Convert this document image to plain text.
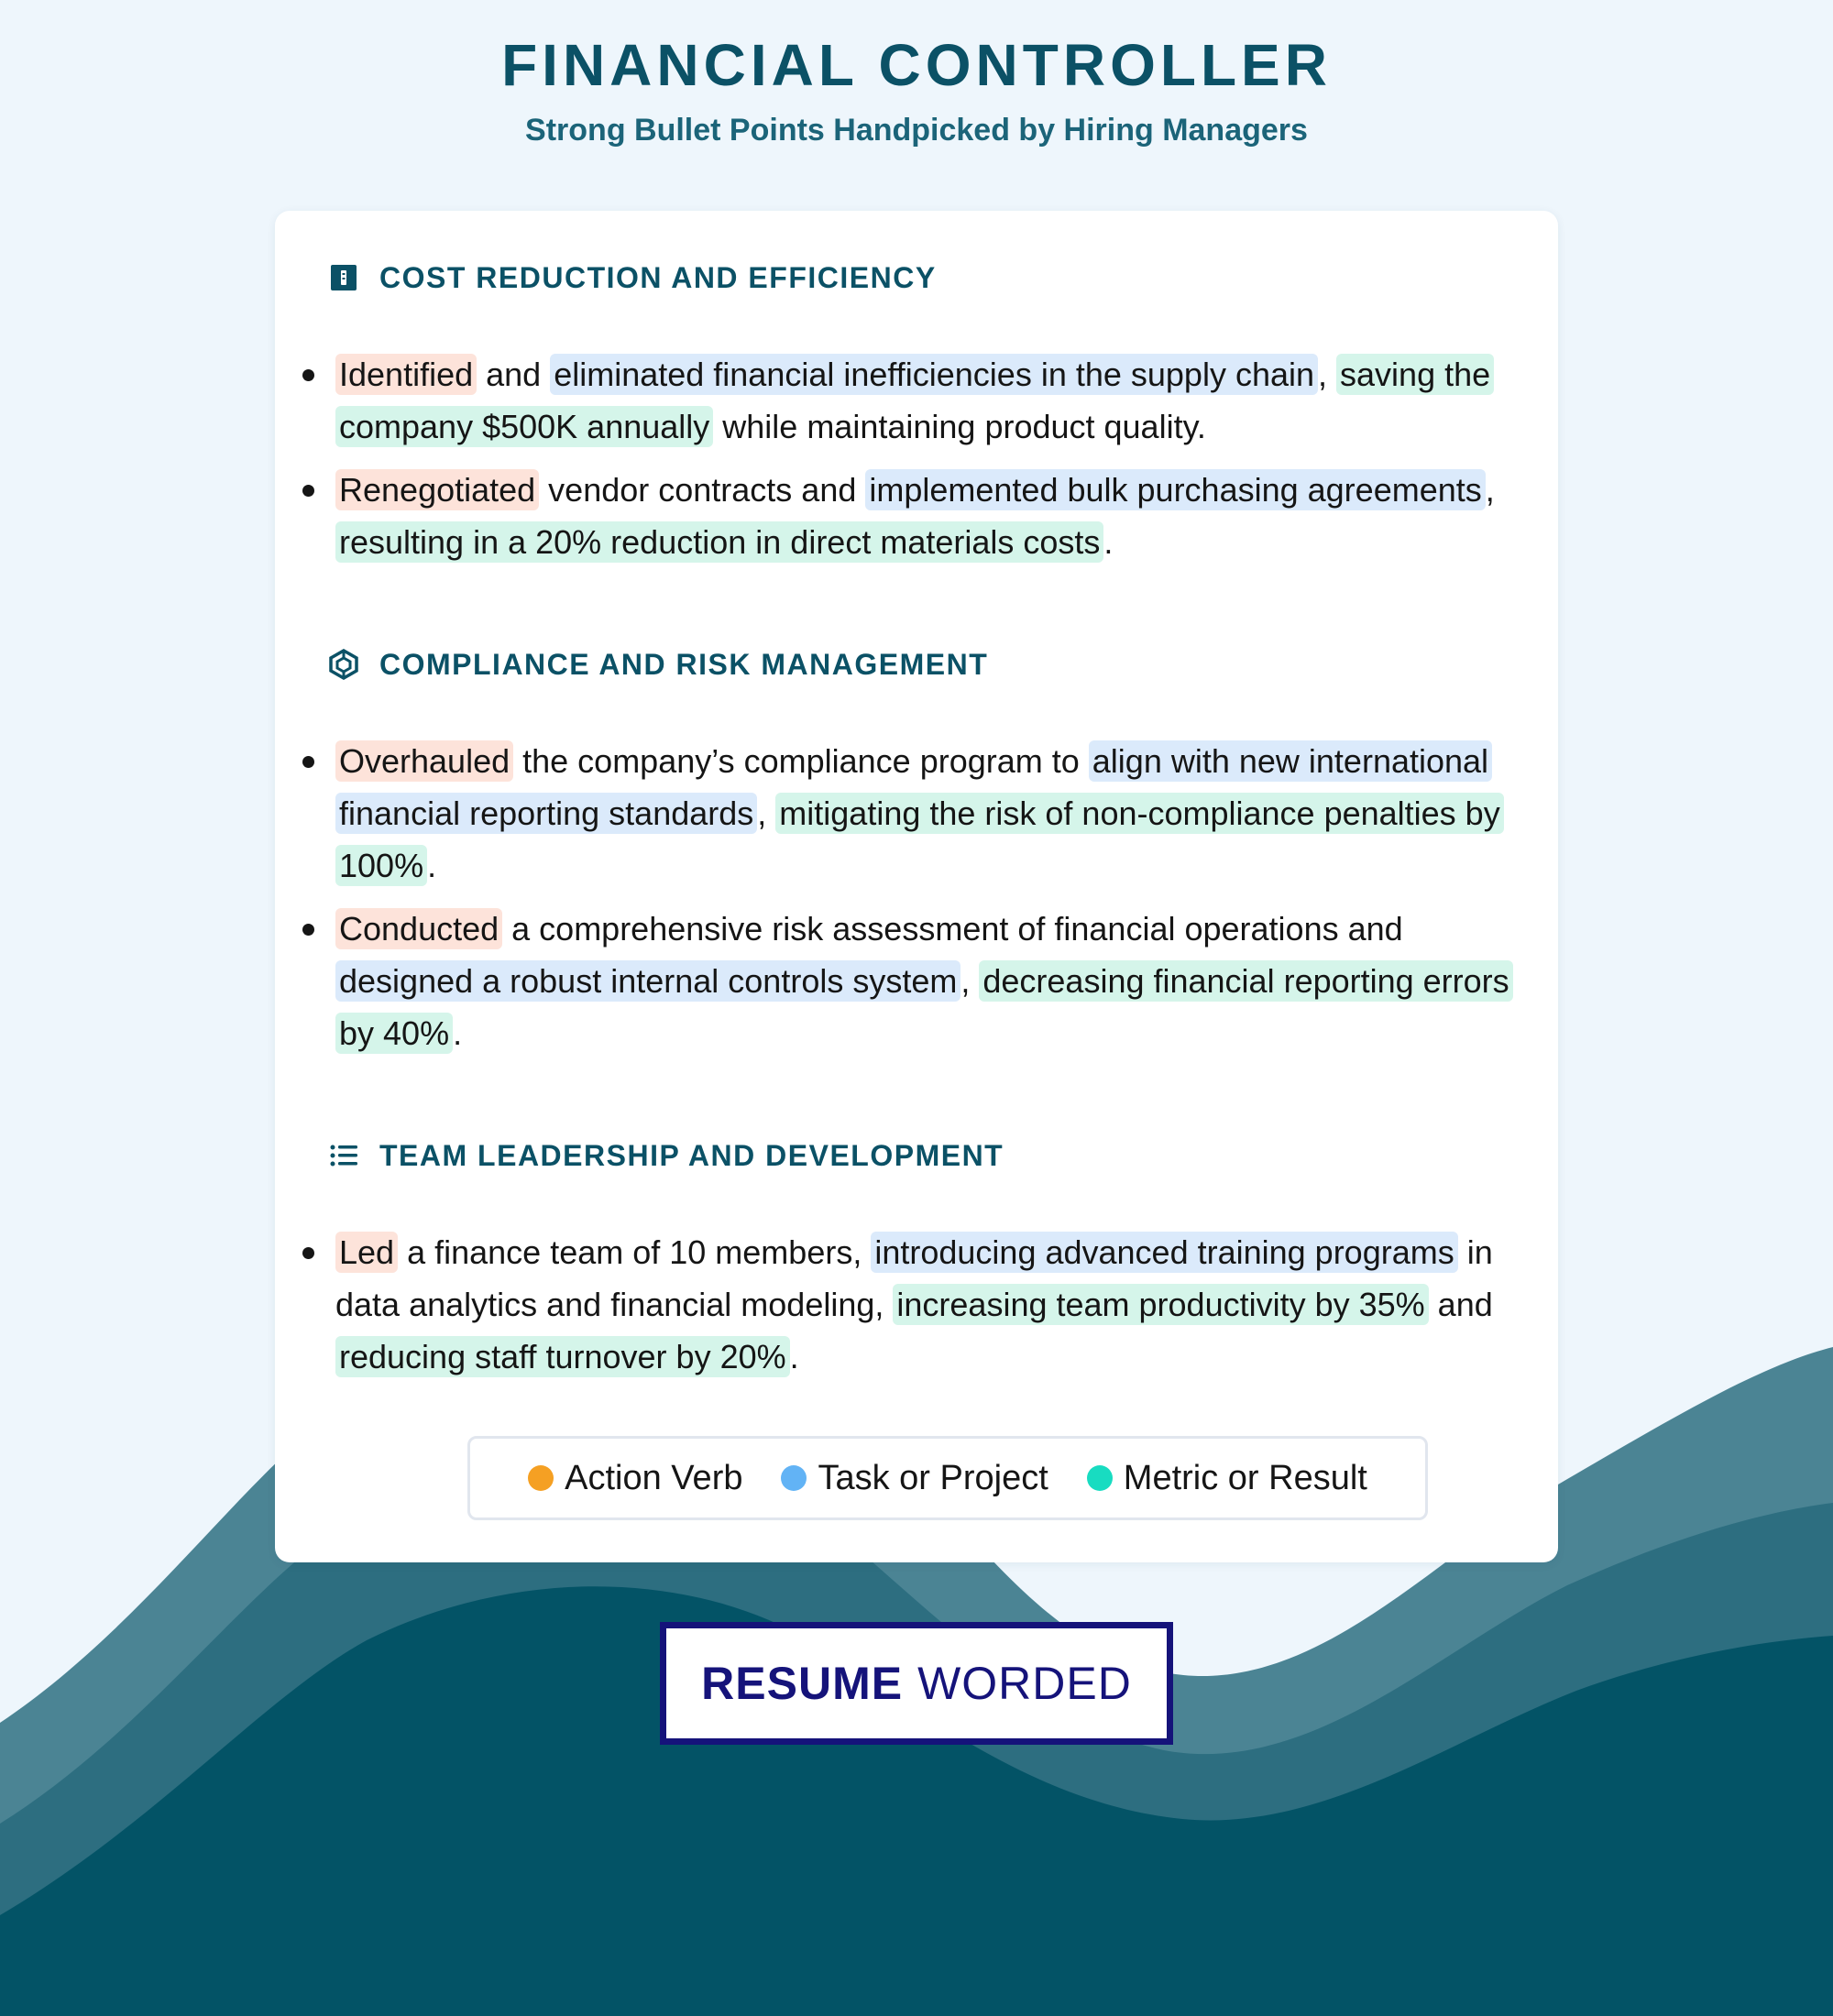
FINANCIAL CONTROLLER
Strong Bullet Points Handpicked by Hiring Managers
COST REDUCTION AND EFFICIENCY
Identified and eliminated financial inefficiencies in the supply chain , saving the company $500K annually while maintaining product quality.
Renegotiated vendor contracts and implemented bulk purchasing agreements , resulting in a 20% reduction in direct materials costs .
COMPLIANCE AND RISK MANAGEMENT
Overhauled the company’s compliance program to align with new international financial reporting standards , mitigating the risk of non-compliance penalties by 100% .
Conducted a comprehensive risk assessment of financial operations and designed a robust internal controls system , decreasing financial reporting errors by 40% .
TEAM LEADERSHIP AND DEVELOPMENT
Led a finance team of 10 members, introducing advanced training programs in data analytics and financial modeling, increasing team productivity by 35% and reducing staff turnover by 20% .
Action Verb Task or Project Metric or Result
RESUME WORDED
